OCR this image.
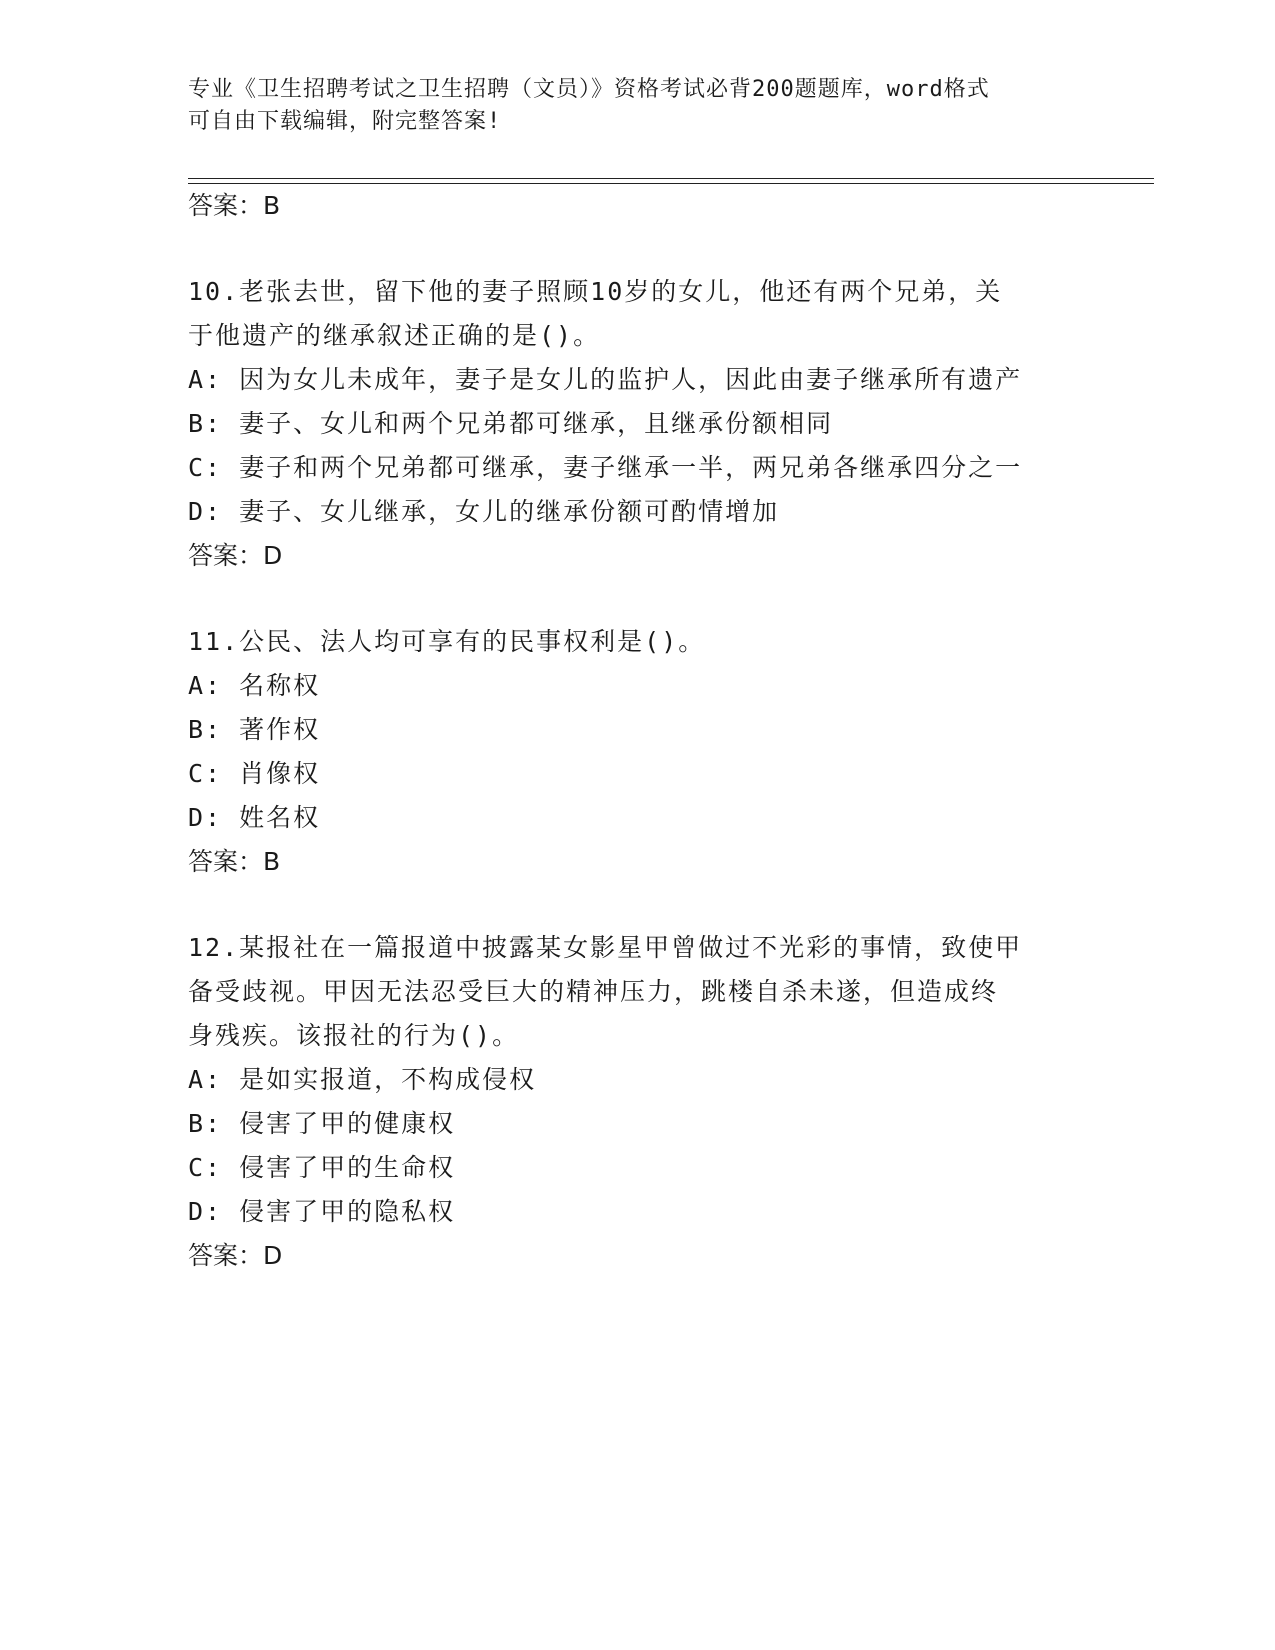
专业《卫生招聘考试之卫生招聘（文员）》资格考试必背200题题库，word格式
可自由下载编辑，附完整答案!
答案：B
10.老张去世，留下他的妻子照顾10岁的女儿，他还有两个兄弟，关
于他遗产的继承叙述正确的是()。
A: 因为女儿未成年，妻子是女儿的监护人，因此由妻子继承所有遗产
B: 妻子、女儿和两个兄弟都可继承，且继承份额相同
C: 妻子和两个兄弟都可继承，妻子继承一半，两兄弟各继承四分之一
D: 妻子、女儿继承，女儿的继承份额可酌情增加
答案：D
11.公民、法人均可享有的民事权利是()。
A: 名称权
B: 著作权
C: 肖像权
D: 姓名权
答案：B
12.某报社在一篇报道中披露某女影星甲曾做过不光彩的事情，致使甲
备受歧视。甲因无法忍受巨大的精神压力，跳楼自杀未遂，但造成终
身残疾。该报社的行为()。
A: 是如实报道，不构成侵权
B: 侵害了甲的健康权
C: 侵害了甲的生命权
D: 侵害了甲的隐私权
答案：D
